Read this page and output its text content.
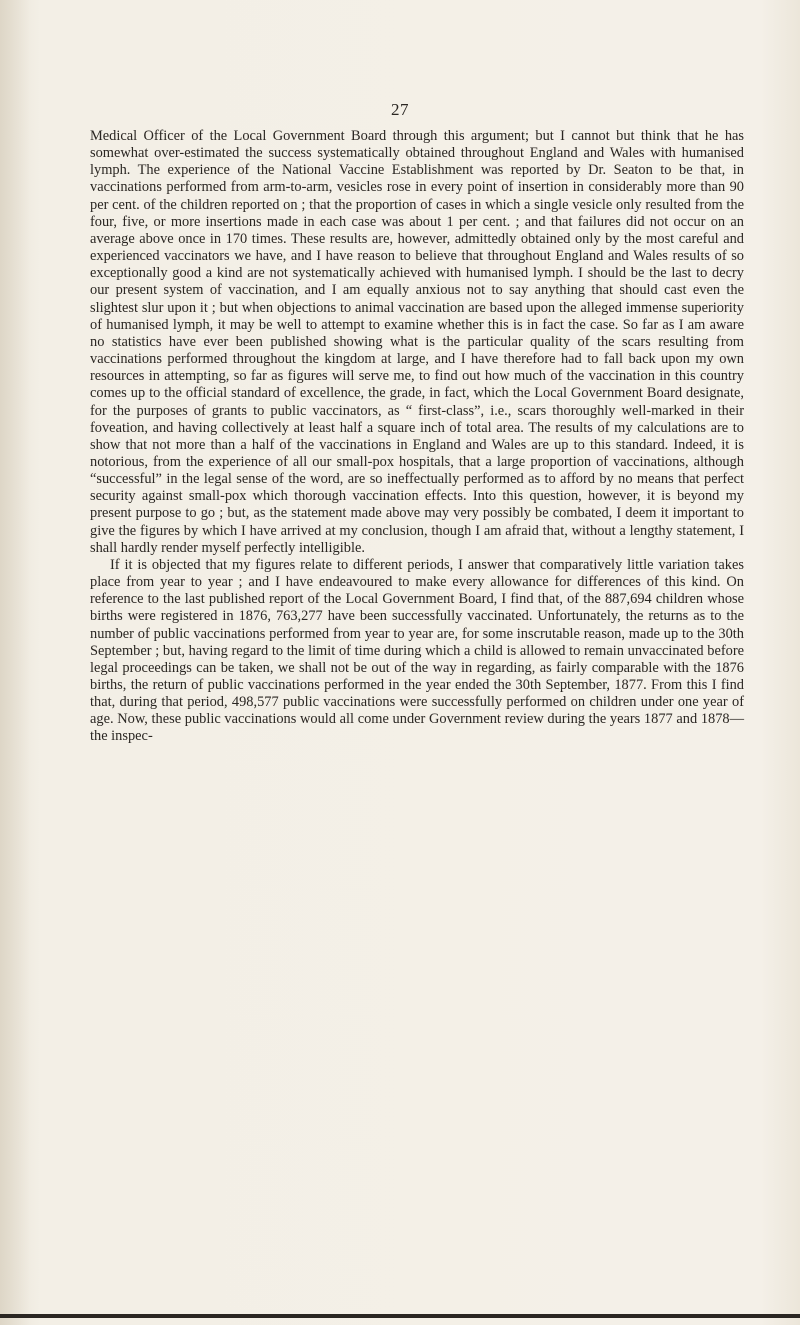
27

Medical Officer of the Local Government Board through this argument; but I cannot but think that he has somewhat over-estimated the success systematically obtained throughout England and Wales with humanised lymph. The experience of the National Vaccine Establishment was reported by Dr. Seaton to be that, in vaccinations performed from arm-to-arm, vesicles rose in every point of insertion in considerably more than 90 per cent. of the children reported on ; that the proportion of cases in which a single vesicle only resulted from the four, five, or more insertions made in each case was about 1 per cent. ; and that failures did not occur on an average above once in 170 times. These results are, however, admittedly obtained only by the most careful and experienced vaccinators we have, and I have reason to believe that throughout England and Wales results of so exceptionally good a kind are not systematically achieved with humanised lymph. I should be the last to decry our present system of vaccination, and I am equally anxious not to say anything that should cast even the slightest slur upon it ; but when objections to animal vaccination are based upon the alleged immense superiority of humanised lymph, it may be well to attempt to examine whether this is in fact the case. So far as I am aware no statistics have ever been published showing what is the particular quality of the scars resulting from vaccinations performed throughout the kingdom at large, and I have therefore had to fall back upon my own resources in attempting, so far as figures will serve me, to find out how much of the vaccination in this country comes up to the official standard of excellence, the grade, in fact, which the Local Government Board designate, for the purposes of grants to public vaccinators, as “ first-class”, i.e., scars thoroughly well-marked in their foveation, and having collectively at least half a square inch of total area. The results of my calculations are to show that not more than a half of the vaccinations in England and Wales are up to this standard. Indeed, it is notorious, from the experience of all our small-pox hospitals, that a large proportion of vaccinations, although “successful” in the legal sense of the word, are so ineffectually performed as to afford by no means that perfect security against small-pox which thorough vaccination effects. Into this question, however, it is beyond my present purpose to go ; but, as the statement made above may very possibly be combated, I deem it important to give the figures by which I have arrived at my conclusion, though I am afraid that, without a lengthy statement, I shall hardly render myself perfectly intelligible.

If it is objected that my figures relate to different periods, I answer that comparatively little variation takes place from year to year ; and I have endeavoured to make every allowance for differences of this kind. On reference to the last published report of the Local Government Board, I find that, of the 887,694 children whose births were registered in 1876, 763,277 have been successfully vaccinated. Unfortunately, the returns as to the number of public vaccinations performed from year to year are, for some inscrutable reason, made up to the 30th September ; but, having regard to the limit of time during which a child is allowed to remain unvaccinated before legal proceedings can be taken, we shall not be out of the way in regarding, as fairly comparable with the 1876 births, the return of public vaccinations performed in the year ended the 30th September, 1877. From this I find that, during that period, 498,577 public vaccinations were successfully performed on children under one year of age. Now, these public vaccinations would all come under Government review during the years 1877 and 1878—the inspec-
